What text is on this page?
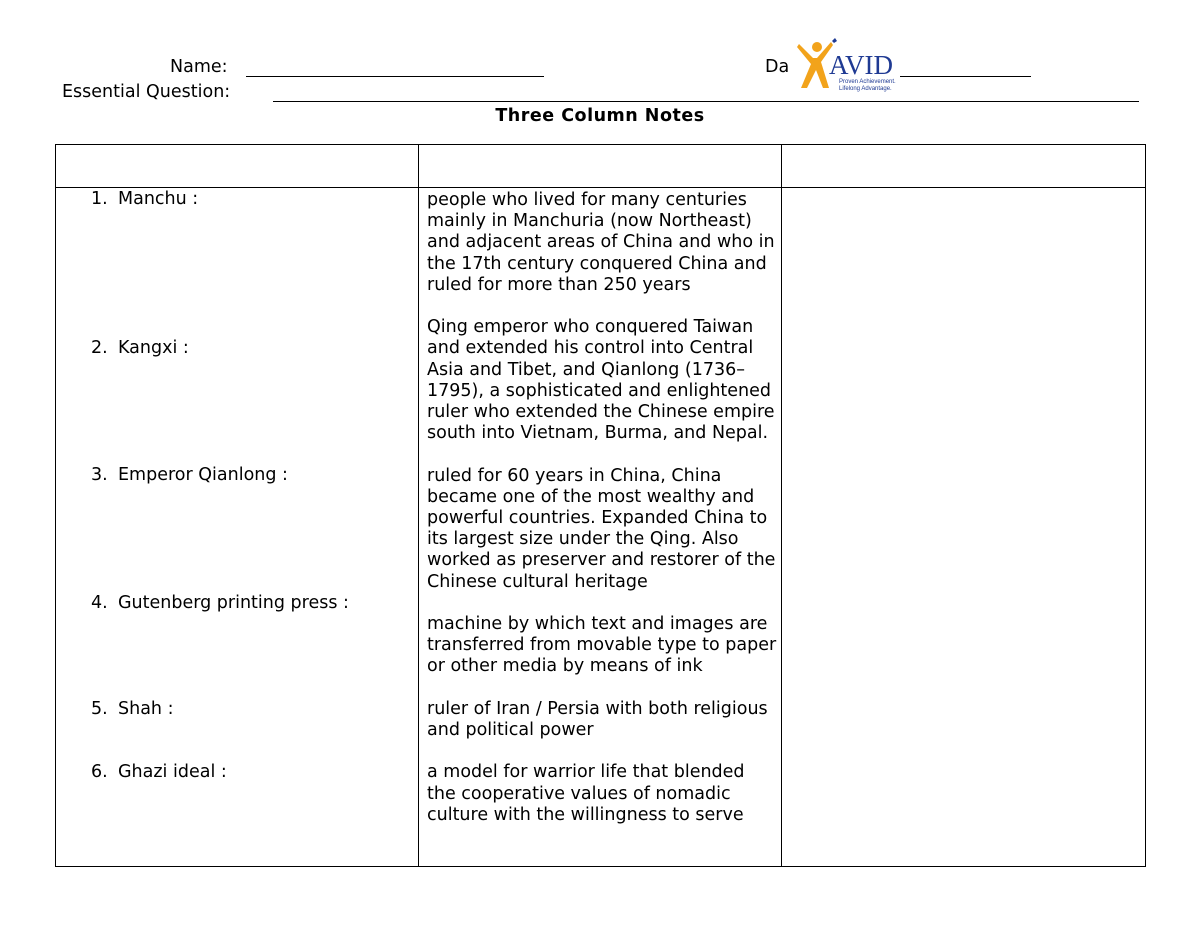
Name:	Da
Essential Question:
Three Column Notes
AVID
Proven Achievement.
Lifelong Advantage.
1. Manchu :
2. Kangxi :
3. Emperor Qianlong :
4. Gutenberg printing press :
5. Shah :
6. Ghazi ideal :

people who lived for many centuries mainly in Manchuria (now Northeast) and adjacent areas of China and who in the 17th century conquered China and ruled for more than 250 years

Qing emperor who conquered Taiwan and extended his control into Central Asia and Tibet, and Qianlong (1736–1795), a sophisticated and enlightened ruler who extended the Chinese empire south into Vietnam, Burma, and Nepal.

ruled for 60 years in China, China became one of the most wealthy and powerful countries. Expanded China to its largest size under the Qing. Also worked as preserver and restorer of the Chinese cultural heritage

machine by which text and images are transferred from movable type to paper or other media by means of ink

ruler of Iran / Persia with both religious and political power

a model for warrior life that blended the cooperative values of nomadic culture with the willingness to serve
